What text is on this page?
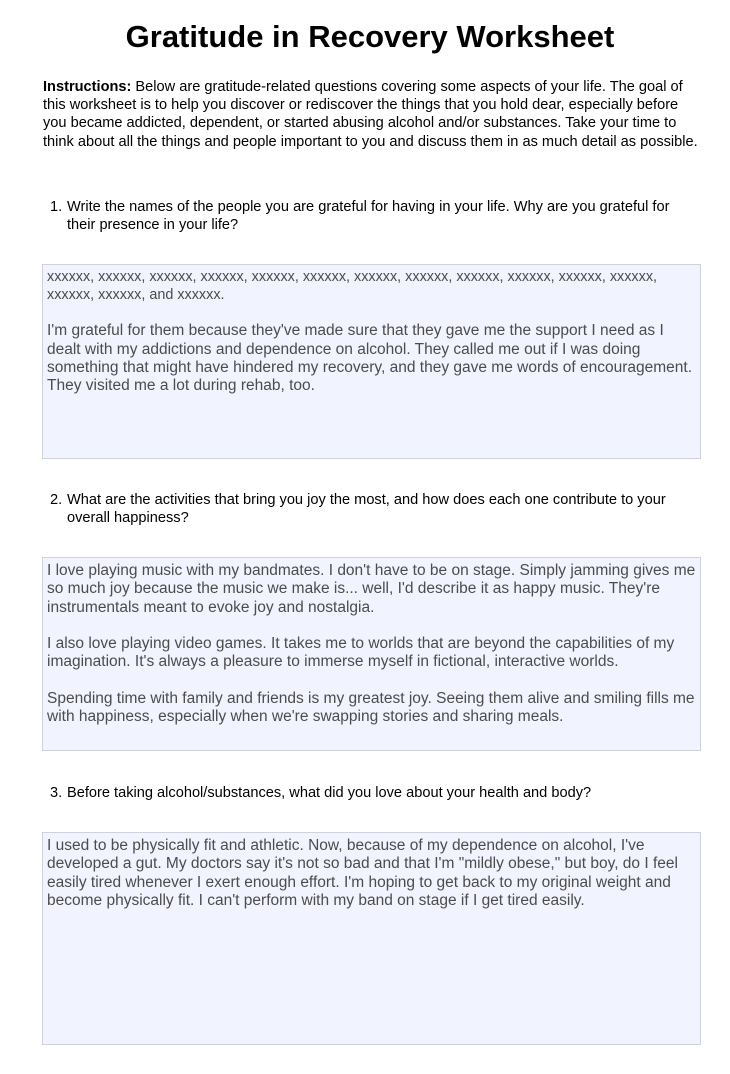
Gratitude in Recovery Worksheet

Instructions: Below are gratitude-related questions covering some aspects of your life. The goal of this worksheet is to help you discover or rediscover the things that you hold dear, especially before you became addicted, dependent, or started abusing alcohol and/or substances. Take your time to think about all the things and people important to you and discuss them in as much detail as possible.

1. Write the names of the people you are grateful for having in your life. Why are you grateful for their presence in your life?

xxxxxx, xxxxxx, xxxxxx, xxxxxx, xxxxxx, xxxxxx, xxxxxx, xxxxxx, xxxxxx, xxxxxx, xxxxxx, xxxxxx, xxxxxx, xxxxxx, and xxxxxx.

I'm grateful for them because they've made sure that they gave me the support I need as I dealt with my addictions and dependence on alcohol. They called me out if I was doing something that might have hindered my recovery, and they gave me words of encouragement. They visited me a lot during rehab, too.

2. What are the activities that bring you joy the most, and how does each one contribute to your overall happiness?

I love playing music with my bandmates. I don't have to be on stage. Simply jamming gives me so much joy because the music we make is... well, I'd describe it as happy music. They're instrumentals meant to evoke joy and nostalgia.

I also love playing video games. It takes me to worlds that are beyond the capabilities of my imagination. It's always a pleasure to immerse myself in fictional, interactive worlds.

Spending time with family and friends is my greatest joy. Seeing them alive and smiling fills me with happiness, especially when we're swapping stories and sharing meals.

3. Before taking alcohol/substances, what did you love about your health and body?

I used to be physically fit and athletic. Now, because of my dependence on alcohol, I've developed a gut. My doctors say it's not so bad and that I'm "mildly obese," but boy, do I feel easily tired whenever I exert enough effort. I'm hoping to get back to my original weight and become physically fit. I can't perform with my band on stage if I get tired easily.
